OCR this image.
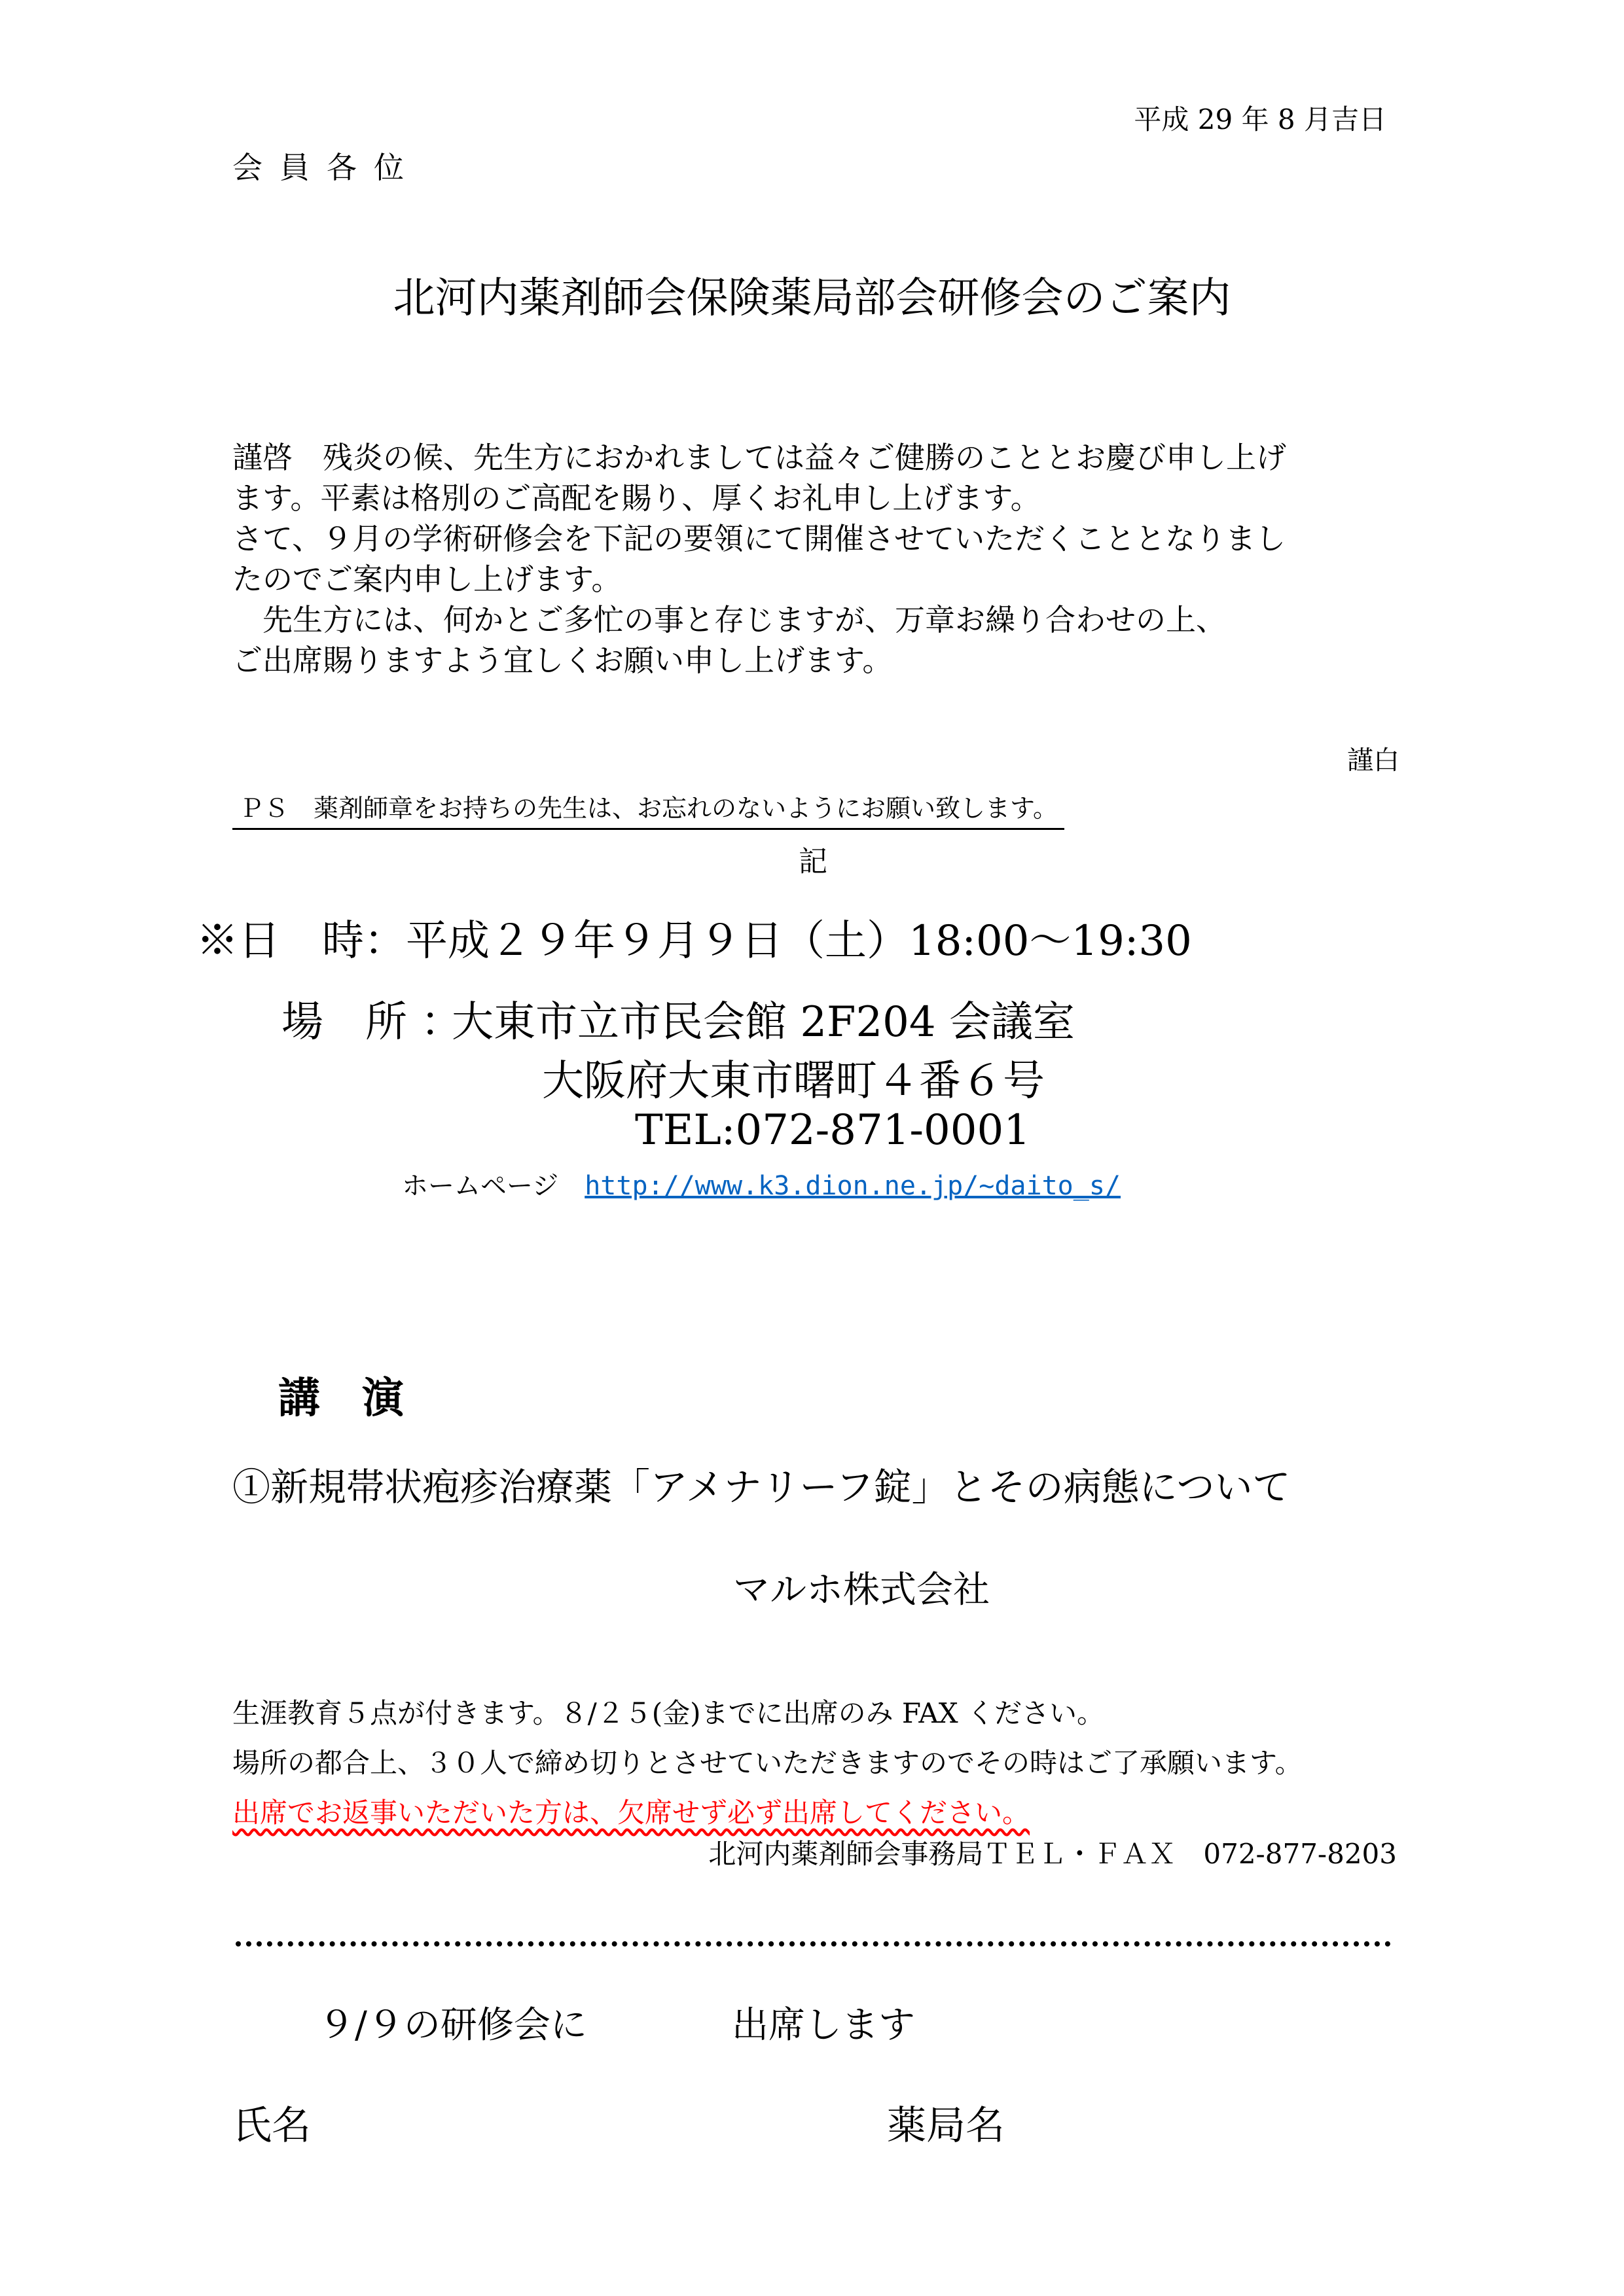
平成 29 年 8 月吉日
会員各位
北河内薬剤師会保険薬局部会研修会のご案内

謹啓　残炎の候、先生方におかれましては益々ご健勝のこととお慶び申し上げ

ます。平素は格別のご高配を賜り、厚くお礼申し上げます。

さて、９月の学術研修会を下記の要領にて開催させていただくこととなりまし

たのでご案内申し上げます。

　先生方には、何かとご多忙の事と存じますが、万章お繰り合わせの上、

ご出席賜りますよう宜しくお願い申し上げます。

謹白
ＰＳ　薬剤師章をお持ちの先生は、お忘れのないようにお願い致します。
記
※日　時：平成２９年９月９日（土）18:00～19:30
場　所 ：
大東市立市民会館 2F204 会議室
大阪府大東市曙町４番６号
TEL:072-871-0001
ホームページ http://www.k3.dion.ne.jp/~daito_s/
講　演
①新規帯状疱疹治療薬「アメナリーフ錠」とその病態について
マルホ株式会社

生涯教育５点が付きます。８/２５(金)までに出席のみ FAX ください。

場所の都合上、３０人で締め切りとさせていただきますのでその時はご了承願います。

出席でお返事いただいた方は、欠席せず必ず出席してください。

北河内薬剤師会事務局ＴＥＬ・ＦＡＸ　072-877-8203
９/９の研修会に	出席します
氏名	薬局名
